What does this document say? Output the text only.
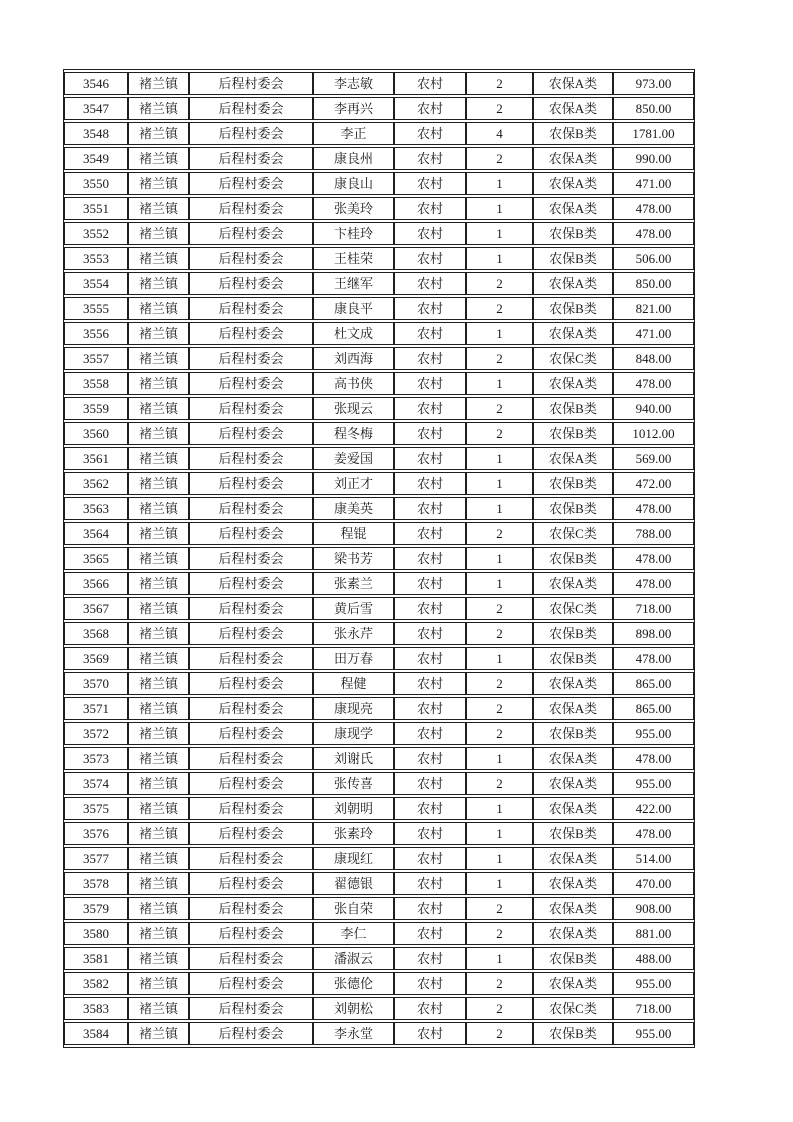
3546	褚兰镇	后程村委会	李志敏	农村	2	农保A类	973.00
3547	褚兰镇	后程村委会	李再兴	农村	2	农保A类	850.00
3548	褚兰镇	后程村委会	李正	农村	4	农保B类	1781.00
3549	褚兰镇	后程村委会	康良州	农村	2	农保A类	990.00
3550	褚兰镇	后程村委会	康良山	农村	1	农保A类	471.00
3551	褚兰镇	后程村委会	张美玲	农村	1	农保A类	478.00
3552	褚兰镇	后程村委会	卞桂玲	农村	1	农保B类	478.00
3553	褚兰镇	后程村委会	王桂荣	农村	1	农保B类	506.00
3554	褚兰镇	后程村委会	王继军	农村	2	农保A类	850.00
3555	褚兰镇	后程村委会	康良平	农村	2	农保B类	821.00
3556	褚兰镇	后程村委会	杜文成	农村	1	农保A类	471.00
3557	褚兰镇	后程村委会	刘西海	农村	2	农保C类	848.00
3558	褚兰镇	后程村委会	高书侠	农村	1	农保A类	478.00
3559	褚兰镇	后程村委会	张现云	农村	2	农保B类	940.00
3560	褚兰镇	后程村委会	程冬梅	农村	2	农保B类	1012.00
3561	褚兰镇	后程村委会	姜爱国	农村	1	农保A类	569.00
3562	褚兰镇	后程村委会	刘正才	农村	1	农保B类	472.00
3563	褚兰镇	后程村委会	康美英	农村	1	农保B类	478.00
3564	褚兰镇	后程村委会	程锟	农村	2	农保C类	788.00
3565	褚兰镇	后程村委会	梁书芳	农村	1	农保B类	478.00
3566	褚兰镇	后程村委会	张素兰	农村	1	农保A类	478.00
3567	褚兰镇	后程村委会	黄后雪	农村	2	农保C类	718.00
3568	褚兰镇	后程村委会	张永芹	农村	2	农保B类	898.00
3569	褚兰镇	后程村委会	田万春	农村	1	农保B类	478.00
3570	褚兰镇	后程村委会	程健	农村	2	农保A类	865.00
3571	褚兰镇	后程村委会	康现亮	农村	2	农保A类	865.00
3572	褚兰镇	后程村委会	康现学	农村	2	农保B类	955.00
3573	褚兰镇	后程村委会	刘谢氏	农村	1	农保A类	478.00
3574	褚兰镇	后程村委会	张传喜	农村	2	农保A类	955.00
3575	褚兰镇	后程村委会	刘朝明	农村	1	农保A类	422.00
3576	褚兰镇	后程村委会	张素玲	农村	1	农保B类	478.00
3577	褚兰镇	后程村委会	康现红	农村	1	农保A类	514.00
3578	褚兰镇	后程村委会	翟德银	农村	1	农保A类	470.00
3579	褚兰镇	后程村委会	张自荣	农村	2	农保A类	908.00
3580	褚兰镇	后程村委会	李仁	农村	2	农保A类	881.00
3581	褚兰镇	后程村委会	潘淑云	农村	1	农保B类	488.00
3582	褚兰镇	后程村委会	张德伦	农村	2	农保A类	955.00
3583	褚兰镇	后程村委会	刘朝松	农村	2	农保C类	718.00
3584	褚兰镇	后程村委会	李永堂	农村	2	农保B类	955.00
